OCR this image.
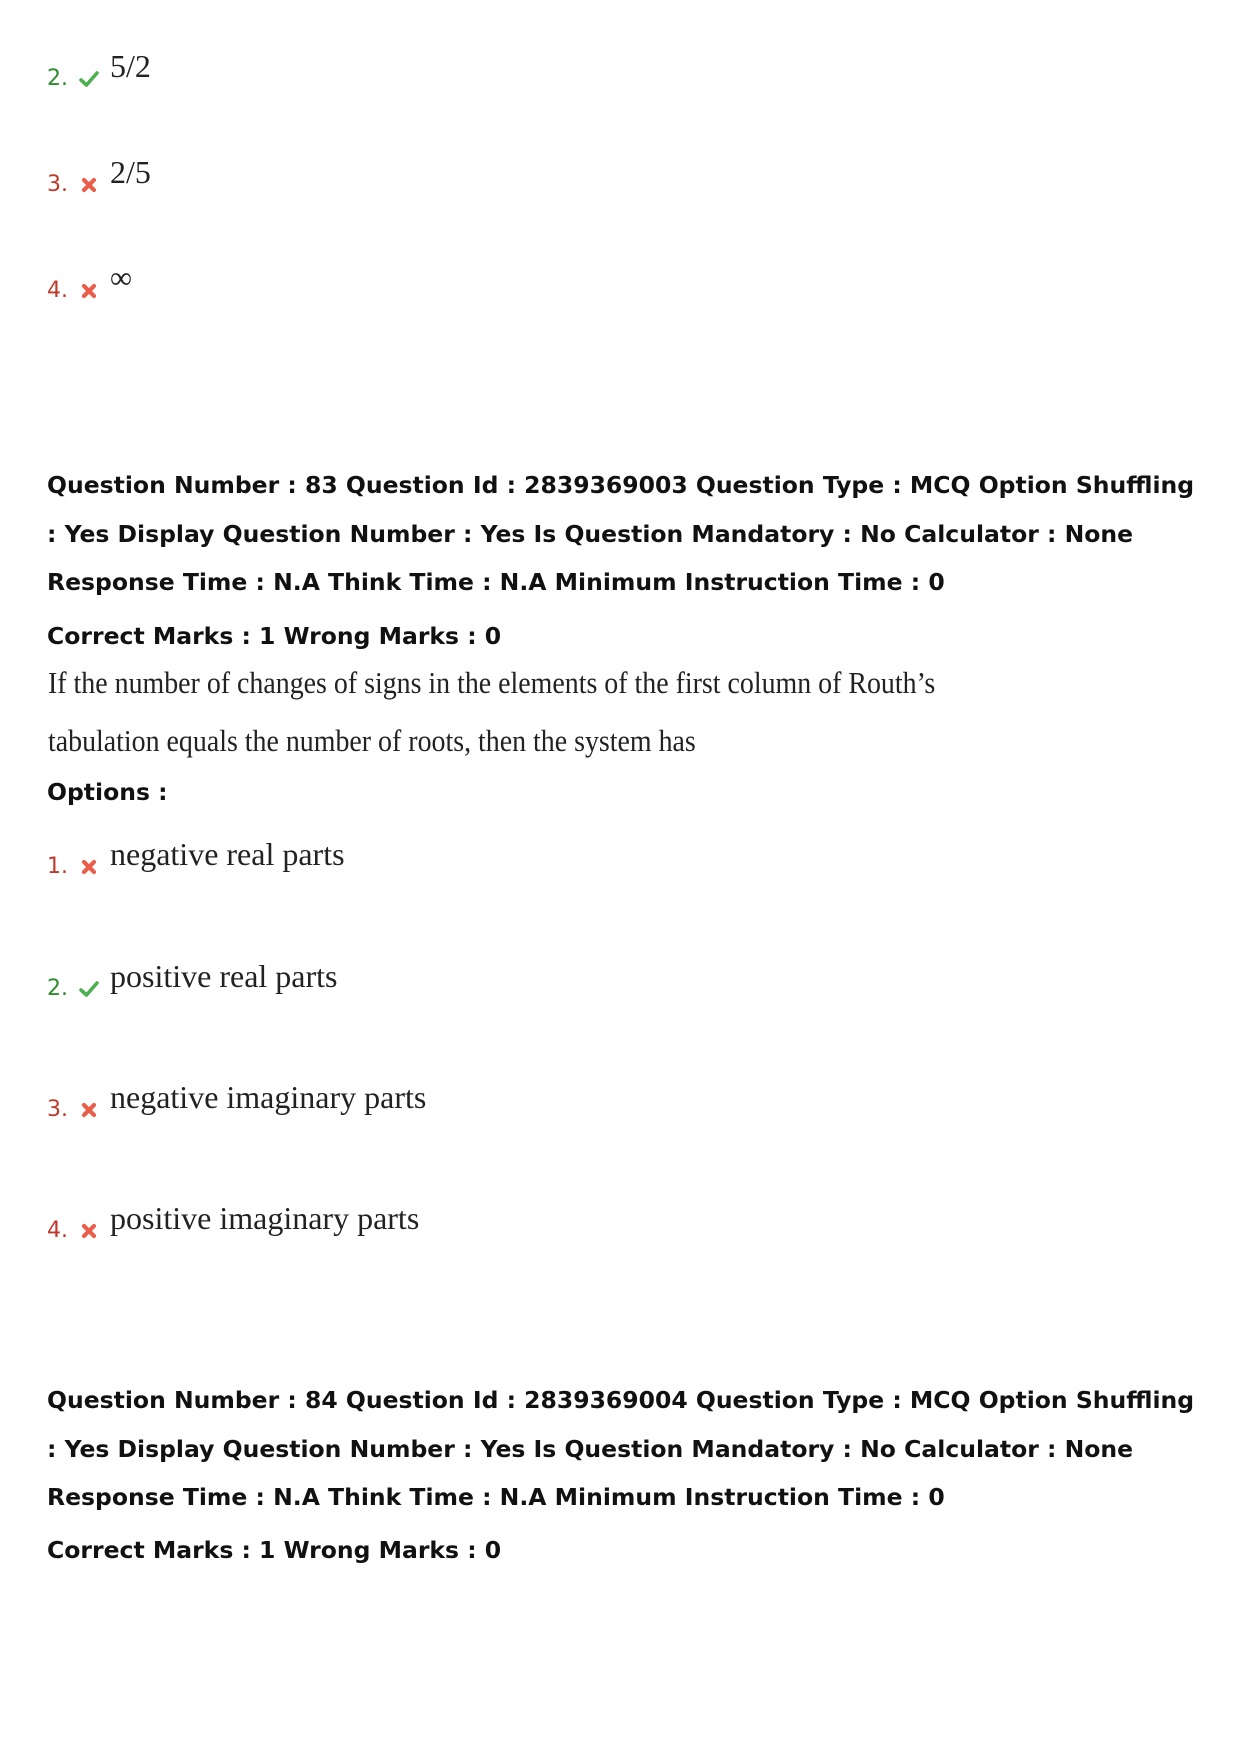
2. 5/2
3. 2/5
4. ∞

Question Number : 83 Question Id : 2839369003 Question Type : MCQ Option Shuffling : Yes Display Question Number : Yes Is Question Mandatory : No Calculator : None Response Time : N.A Think Time : N.A Minimum Instruction Time : 0

Correct Marks : 1 Wrong Marks : 0
If the number of changes of signs in the elements of the first column of Routh’s
tabulation equals the number of roots, then the system has
Options :
1. negative real parts
2. positive real parts
3. negative imaginary parts
4. positive imaginary parts

Question Number : 84 Question Id : 2839369004 Question Type : MCQ Option Shuffling : Yes Display Question Number : Yes Is Question Mandatory : No Calculator : None Response Time : N.A Think Time : N.A Minimum Instruction Time : 0

Correct Marks : 1 Wrong Marks : 0
